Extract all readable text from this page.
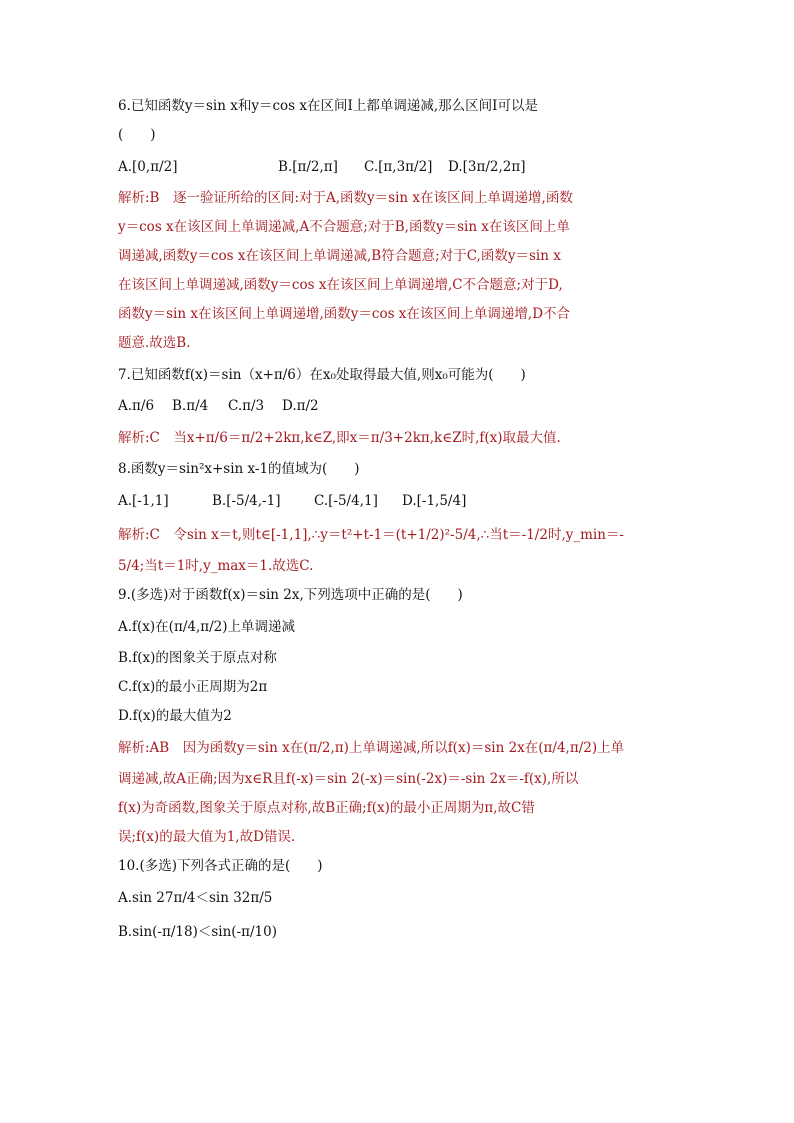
6.已知函数y＝sin x和y＝cos x在区间I上都单调递减,那么区间I可以是
(　　)
A.[0,π/2]	B.[π/2,π]	C.[π,3π/2]	D.[3π/2,2π]
解析:B　逐一验证所给的区间:对于A,函数y＝sin x在该区间上单调递增,函数
y＝cos x在该区间上单调递减,A不合题意;对于B,函数y＝sin x在该区间上单
调递减,函数y＝cos x在该区间上单调递减,B符合题意;对于C,函数y＝sin x
在该区间上单调递减,函数y＝cos x在该区间上单调递增,C不合题意;对于D,
函数y＝sin x在该区间上单调递增,函数y＝cos x在该区间上单调递增,D不合
题意.故选B.
7.已知函数f(x)＝sin（x+π/6）在x₀处取得最大值,则x₀可能为(　　)
A.π/6	B.π/4	C.π/3	D.π/2
解析:C　当x+π/6＝π/2+2kπ,k∈Z,即x＝π/3+2kπ,k∈Z时,f(x)取最大值.
8.函数y＝sin²x+sin x-1的值域为(　　)
A.[-1,1]	B.[-5/4,-1]	C.[-5/4,1]	D.[-1,5/4]
解析:C　令sin x＝t,则t∈[-1,1],∴y＝t²+t-1＝(t+1/2)²-5/4,∴当t＝-1/2时,y_min＝-
5/4;当t＝1时,y_max＝1.故选C.
9.(多选)对于函数f(x)＝sin 2x,下列选项中正确的是(　　)
A.f(x)在(π/4,π/2)上单调递减
B.f(x)的图象关于原点对称
C.f(x)的最小正周期为2π
D.f(x)的最大值为2
解析:AB　因为函数y＝sin x在(π/2,π)上单调递减,所以f(x)＝sin 2x在(π/4,π/2)上单
调递减,故A正确;因为x∈R且f(-x)＝sin 2(-x)＝sin(-2x)＝-sin 2x＝-f(x),所以
f(x)为奇函数,图象关于原点对称,故B正确;f(x)的最小正周期为π,故C错
误;f(x)的最大值为1,故D错误.
10.(多选)下列各式正确的是(　　)
A.sin 27π/4＜sin 32π/5
B.sin(-π/18)＜sin(-π/10)
